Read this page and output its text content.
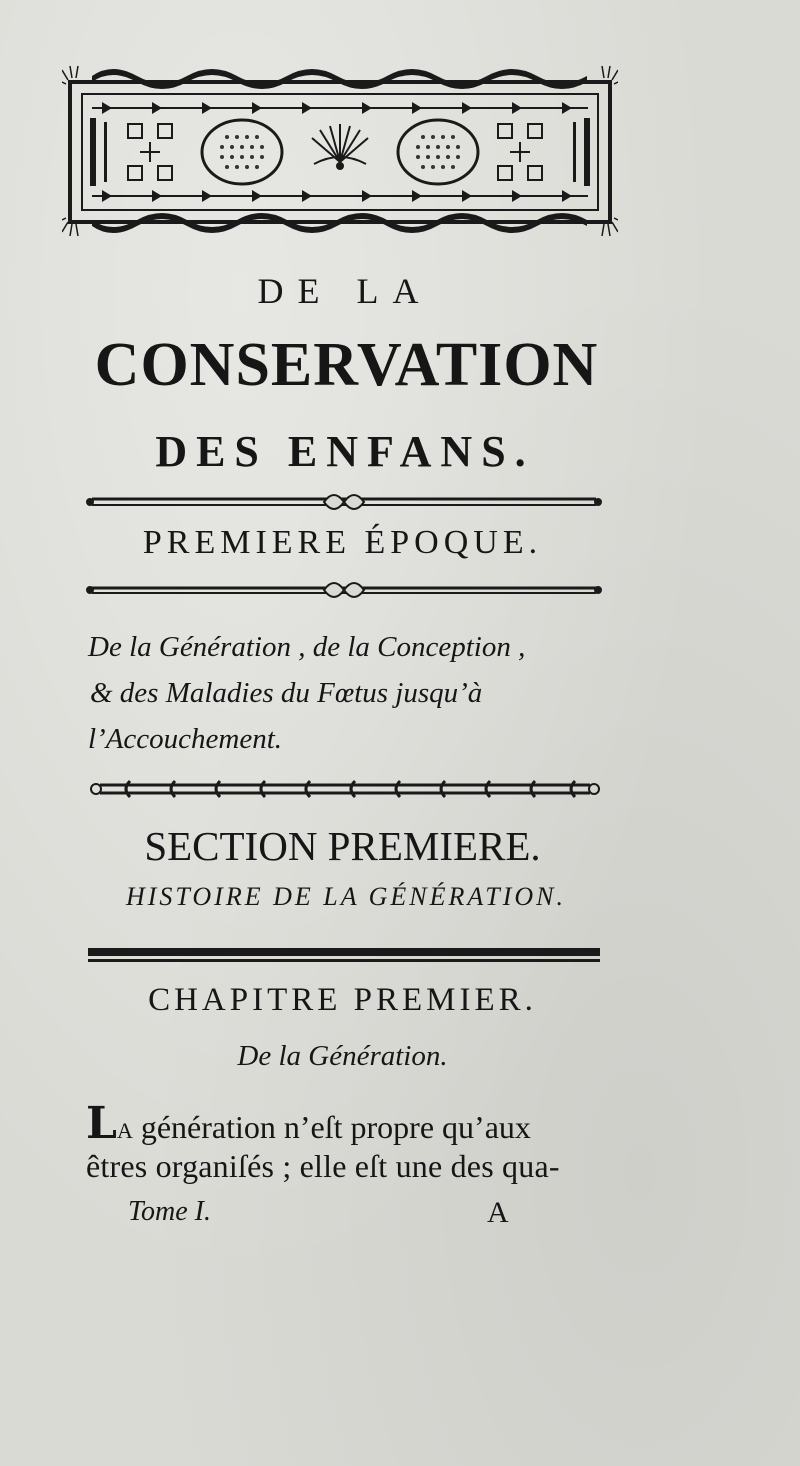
DE LA
CONSERVATION
DES ENFANS.
PREMIERE ÉPOQUE.
De la Génération , de la Conception ,
& des Maladies du Fœtus jusqu’à
l’Accouchement.
SECTION PREMIERE.
HISTOIRE DE LA GÉNÉRATION.
CHAPITRE PREMIER.
De la Génération.
LA génération n’eſt propre qu’aux
êtres organiſés ; elle eſt une des qua-
Tome I.	A
